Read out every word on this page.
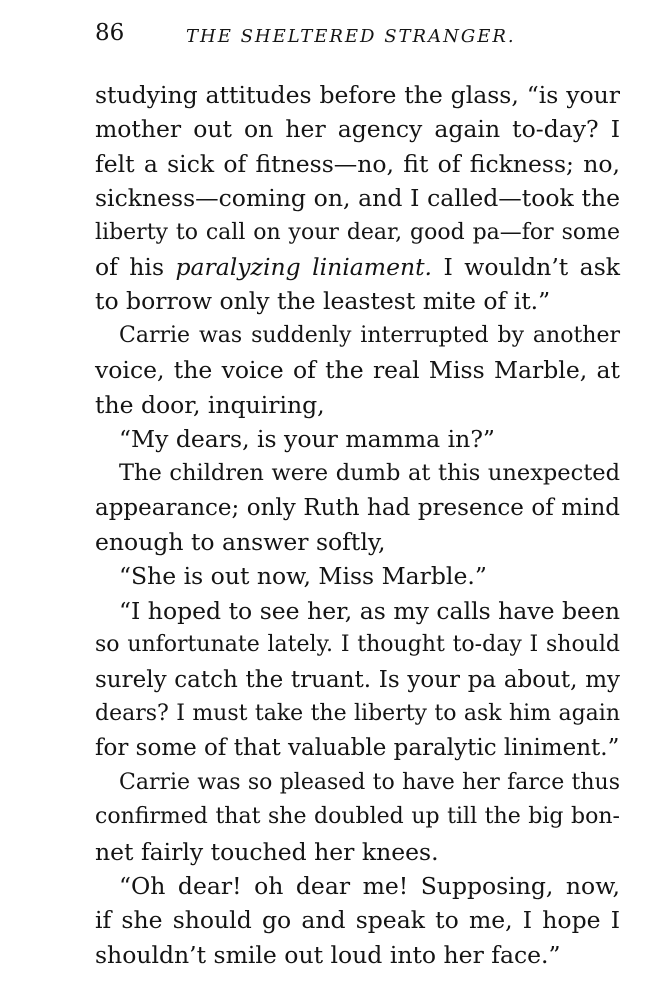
86	THE SHELTERED STRANGER.
studying attitudes before the glass, “is your
mother out on her agency again to-day? I
felt a sick of fitness—no, fit of fickness; no,
sickness—coming on, and I called—took the
liberty to call on your dear, good pa—for some
of his paralyzing liniament. I wouldn’t ask
to borrow only the leastest mite of it.”
Carrie was suddenly interrupted by another
voice, the voice of the real Miss Marble, at
the door, inquiring,
“My dears, is your mamma in?”
The children were dumb at this unexpected
appearance; only Ruth had presence of mind
enough to answer softly,
“She is out now, Miss Marble.”
“I hoped to see her, as my calls have been
so unfortunate lately. I thought to-day I should
surely catch the truant. Is your pa about, my
dears? I must take the liberty to ask him again
for some of that valuable paralytic liniment.”
Carrie was so pleased to have her farce thus
confirmed that she doubled up till the big bon-
net fairly touched her knees.
“Oh dear! oh dear me! Supposing, now,
if she should go and speak to me, I hope I
shouldn’t smile out loud into her face.”
